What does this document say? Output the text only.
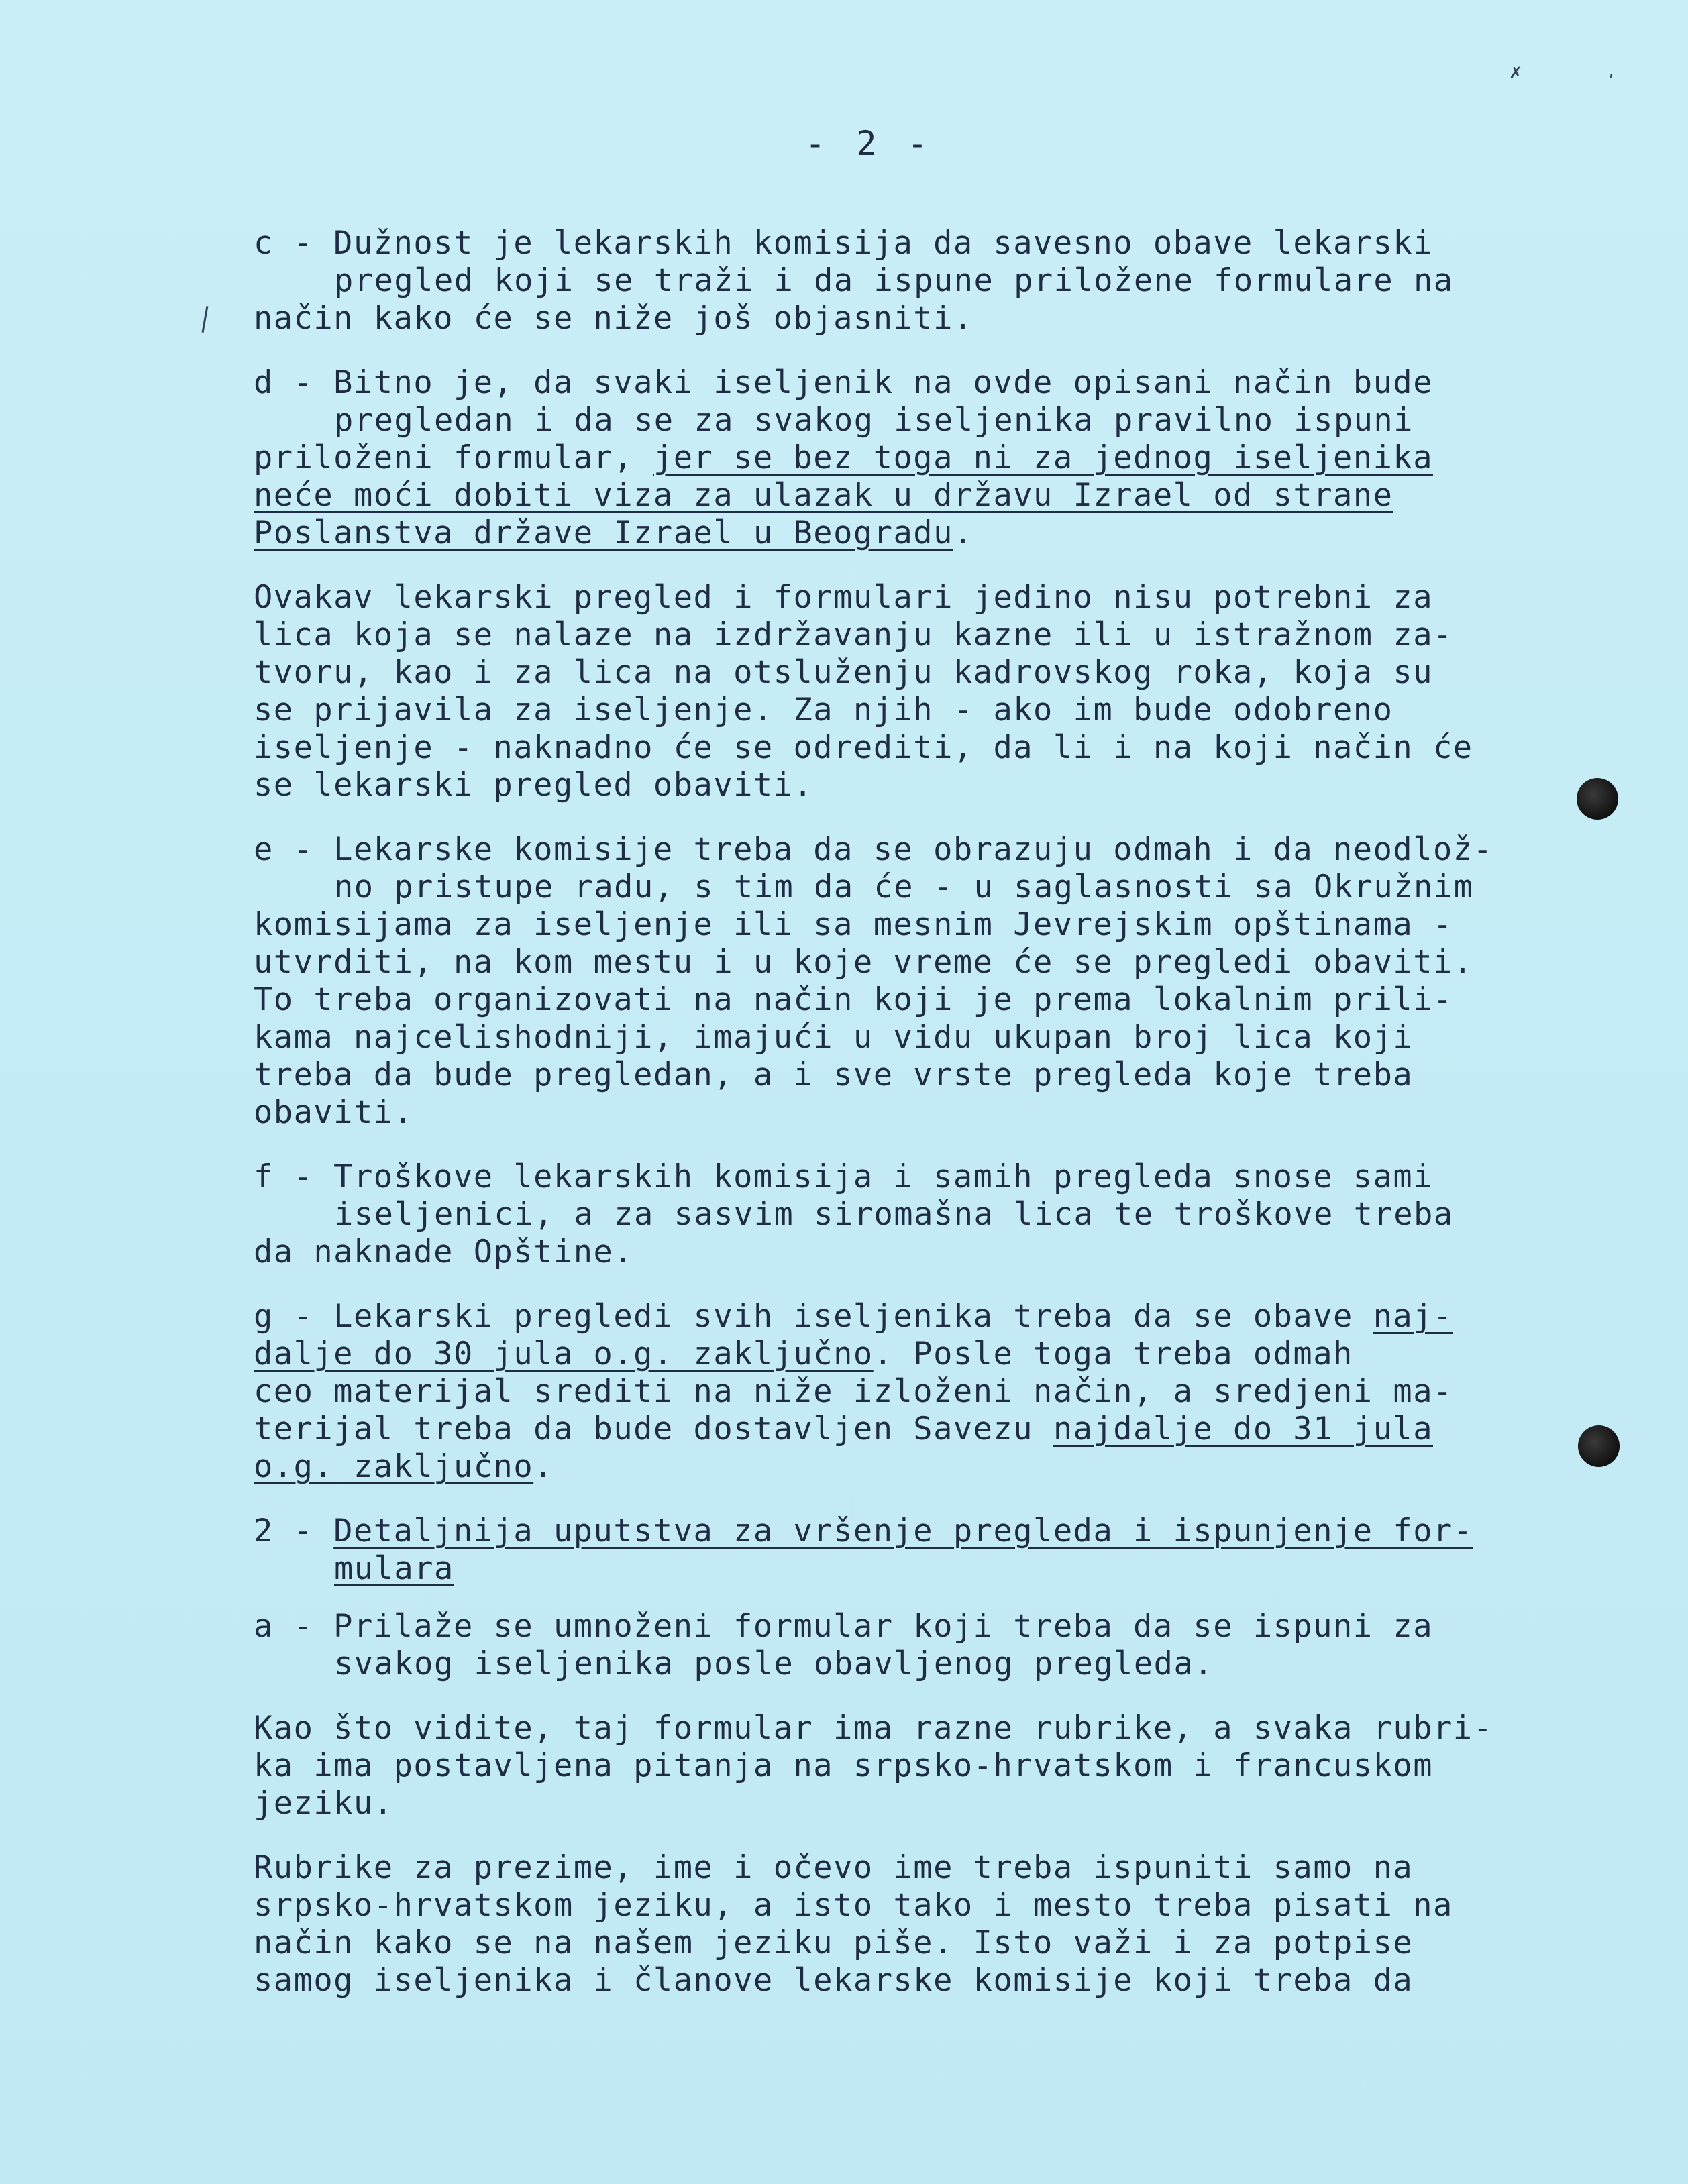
✗	,
- 2 -
c - Dužnost je lekarskih komisija da savesno obave lekarski
pregled koji se traži i da ispune priložene formulare na
način kako će se niže još objasniti.
d - Bitno je, da svaki iseljenik na ovde opisani način bude
pregledan i da se za svakog iseljenika pravilno ispuni
priloženi formular, jer se bez toga ni za jednog iseljenika
neće moći dobiti viza za ulazak u državu Izrael od strane
Poslanstva države Izrael u Beogradu.
Ovakav lekarski pregled i formulari jedino nisu potrebni za
lica koja se nalaze na izdržavanju kazne ili u istražnom za-
tvoru, kao i za lica na otsluženju kadrovskog roka, koja su
se prijavila za iseljenje. Za njih - ako im bude odobreno
iseljenje - naknadno će se odrediti, da li i na koji način će
se lekarski pregled obaviti.
e - Lekarske komisije treba da se obrazuju odmah i da neodlož-
no pristupe radu, s tim da će - u saglasnosti sa Okružnim
komisijama za iseljenje ili sa mesnim Jevrejskim opštinama -
utvrditi, na kom mestu i u koje vreme će se pregledi obaviti.
To treba organizovati na način koji je prema lokalnim prili-
kama najcelishodniji, imajući u vidu ukupan broj lica koji
treba da bude pregledan, a i sve vrste pregleda koje treba
obaviti.
f - Troškove lekarskih komisija i samih pregleda snose sami
iseljenici, a za sasvim siromašna lica te troškove treba
da naknade Opštine.
g - Lekarski pregledi svih iseljenika treba da se obave naj-
dalje do 30 jula o.g. zaključno. Posle toga treba odmah
ceo materijal srediti na niže izloženi način, a sredjeni ma-
terijal treba da bude dostavljen Savezu najdalje do 31 jula
o.g. zaključno.
2 - Detaljnija uputstva za vršenje pregleda i ispunjenje for-
mulara
a - Prilaže se umnoženi formular koji treba da se ispuni za
svakog iseljenika posle obavljenog pregleda.
Kao što vidite, taj formular ima razne rubrike, a svaka rubri-
ka ima postavljena pitanja na srpsko-hrvatskom i francuskom
jeziku.
Rubrike za prezime, ime i očevo ime treba ispuniti samo na
srpsko-hrvatskom jeziku, a isto tako i mesto treba pisati na
način kako se na našem jeziku piše. Isto važi i za potpise
samog iseljenika i članove lekarske komisije koji treba da
